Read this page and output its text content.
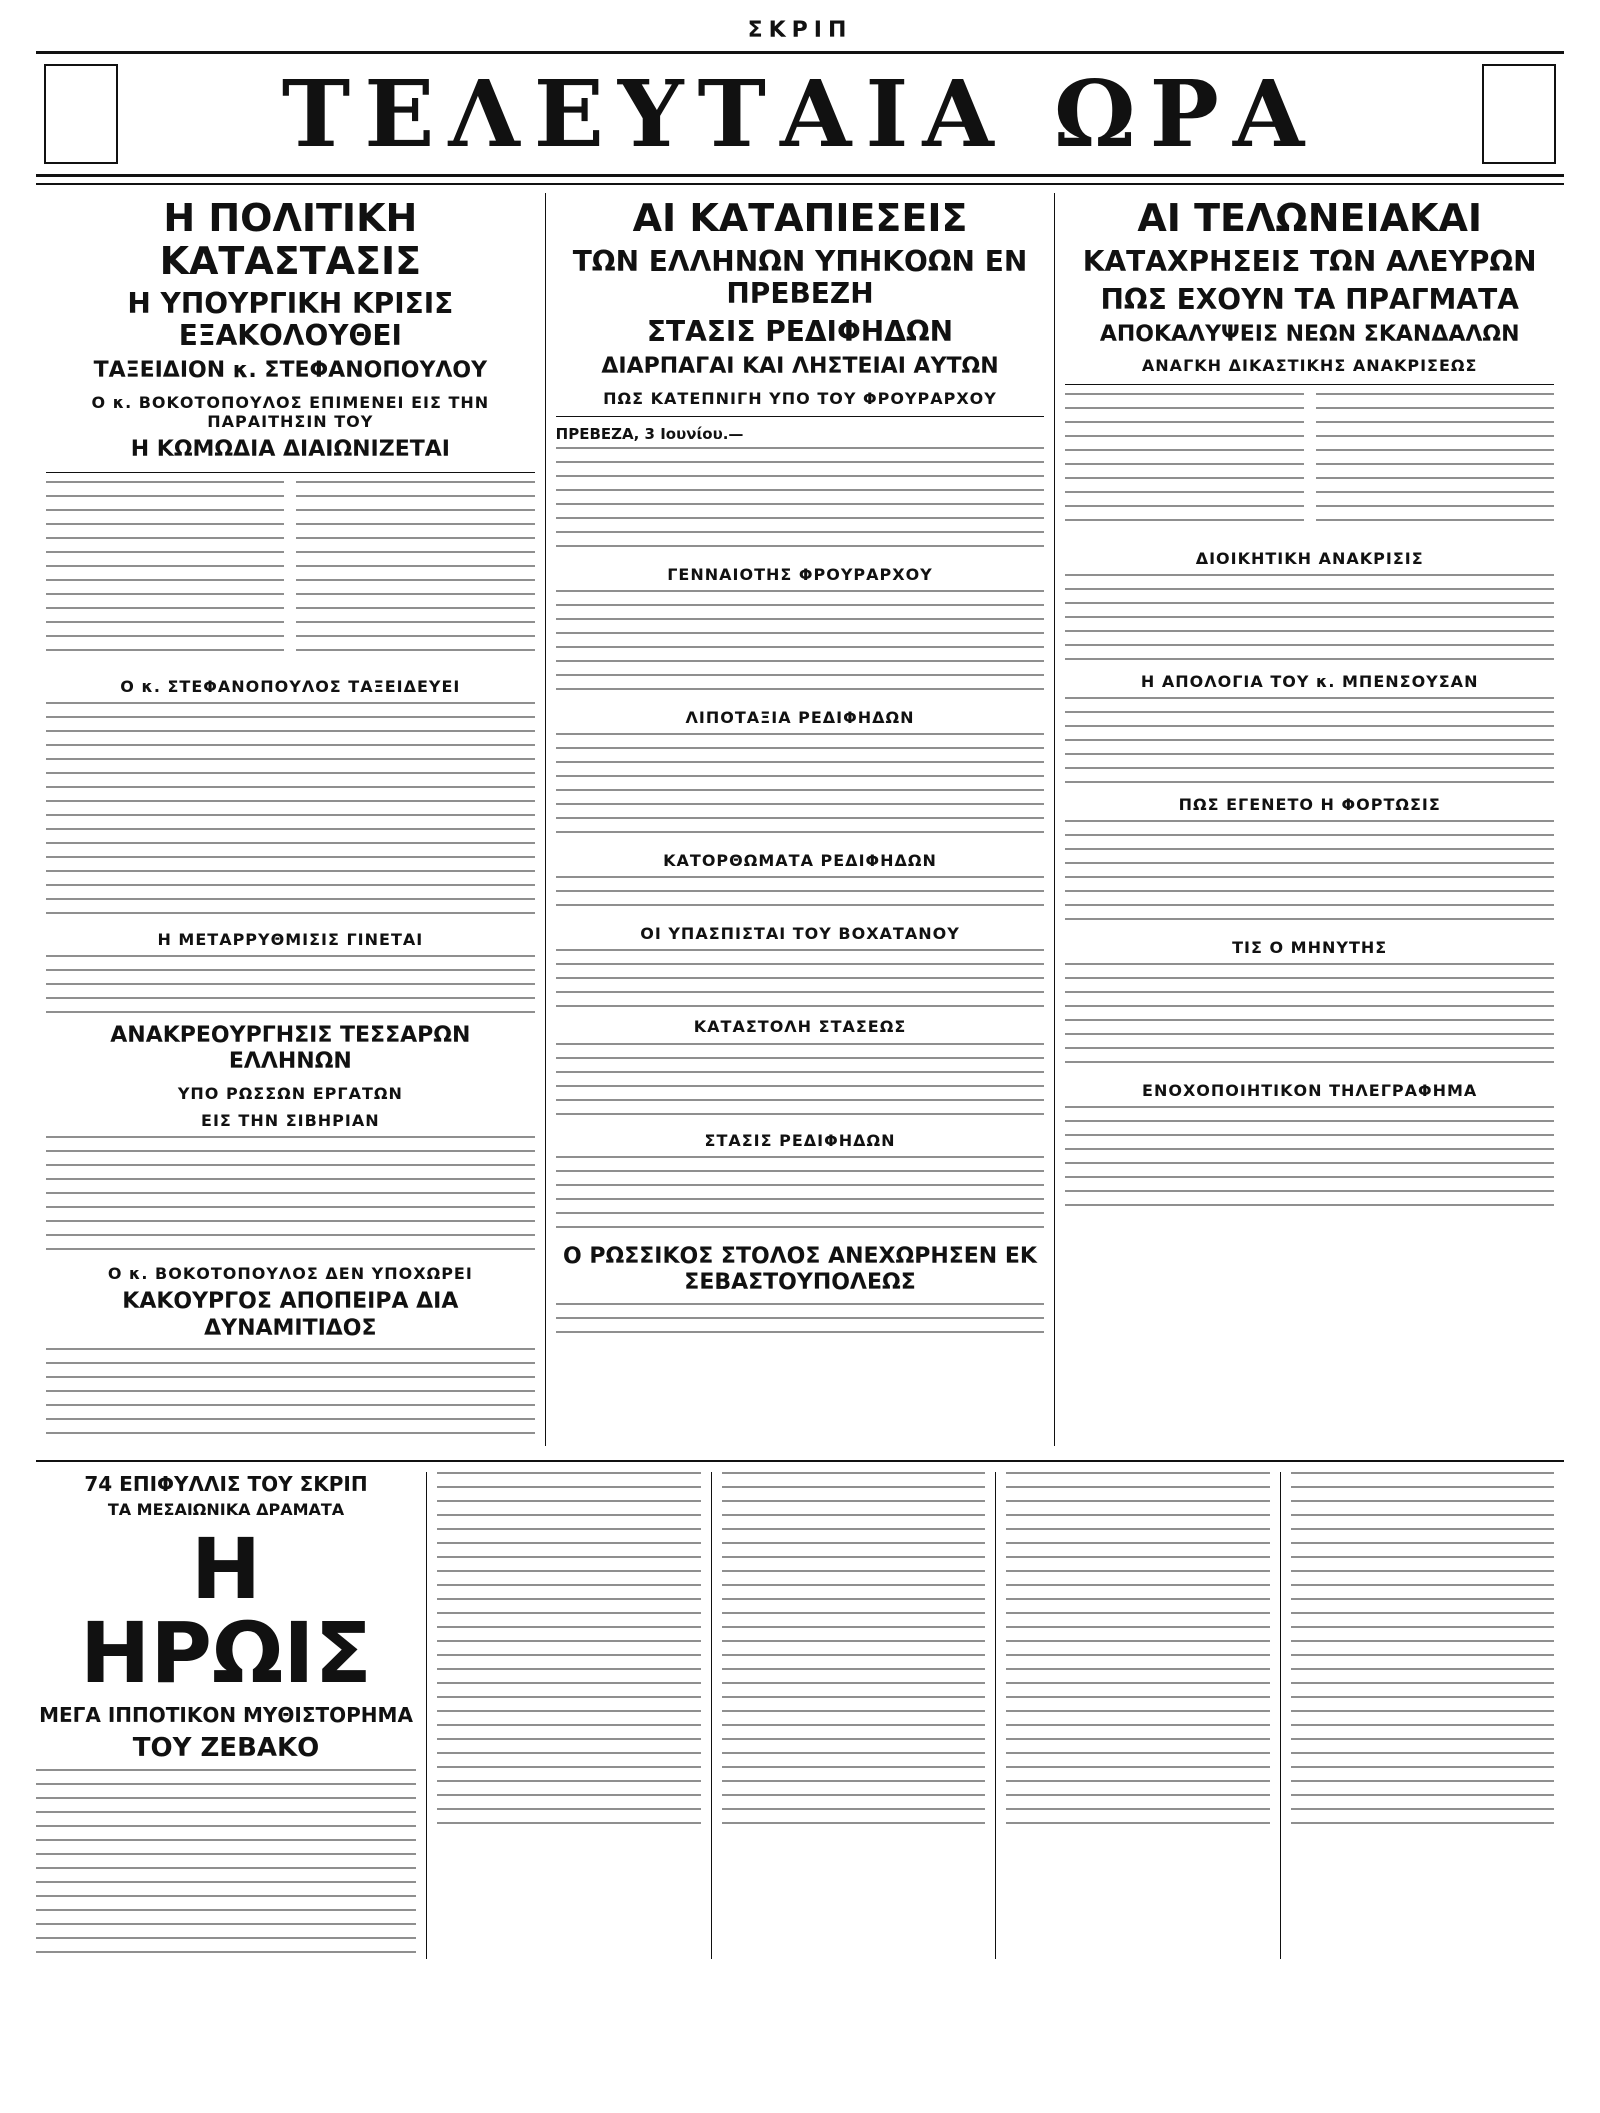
ΣΚΡΙΠ
ΤΕΛΕΥΤΑΙΑ ΩΡΑ
Η ΠΟΛΙΤΙΚΗ ΚΑΤΑΣΤΑΣΙΣ
Η ΥΠΟΥΡΓΙΚΗ ΚΡΙΣΙΣ ΕΞΑΚΟΛΟΥΘΕΙ
ΤΑΞΕΙΔΙΟΝ κ. ΣΤΕΦΑΝΟΠΟΥΛΟΥ
Ο κ. ΒΟΚΟΤΟΠΟΥΛΟΣ ΕΠΙΜΕΝΕΙ ΕΙΣ ΤΗΝ ΠΑΡΑΙΤΗΣΙΝ ΤΟΥ
Η ΚΩΜΩΔΙΑ ΔΙΑΙΩΝΙΖΕΤΑΙ
Ο κ. ΣΤΕΦΑΝΟΠΟΥΛΟΣ ΤΑΞΕΙΔΕΥΕΙ
Η ΜΕΤΑΡΡΥΘΜΙΣΙΣ ΓΙΝΕΤΑΙ
ΑΝΑΚΡΕΟΥΡΓΗΣΙΣ ΤΕΣΣΑΡΩΝ ΕΛΛΗΝΩΝ
ΥΠΟ ΡΩΣΣΩΝ ΕΡΓΑΤΩΝ
ΕΙΣ ΤΗΝ ΣΙΒΗΡΙΑΝ
Ο κ. ΒΟΚΟΤΟΠΟΥΛΟΣ ΔΕΝ ΥΠΟΧΩΡΕΙ
ΚΑΚΟΥΡΓΟΣ ΑΠΟΠΕΙΡΑ ΔΙΑ ΔΥΝΑΜΙΤΙΔΟΣ
ΑΙ ΚΑΤΑΠΙΕΣΕΙΣ
ΤΩΝ ΕΛΛΗΝΩΝ ΥΠΗΚΟΩΝ ΕΝ ΠΡΕΒΕΖΗ
ΣΤΑΣΙΣ ΡΕΔΙΦΗΔΩΝ
ΔΙΑΡΠΑΓΑΙ ΚΑΙ ΛΗΣΤΕΙΑΙ ΑΥΤΩΝ
ΠΩΣ ΚΑΤΕΠΝΙΓΗ ΥΠΟ ΤΟΥ ΦΡΟΥΡΑΡΧΟΥ
ΠΡΕΒΕΖΑ, 3 Ιουνίου.—
ΓΕΝΝΑΙΟΤΗΣ ΦΡΟΥΡΑΡΧΟΥ
ΛΙΠΟΤΑΞΙΑ ΡΕΔΙΦΗΔΩΝ
ΚΑΤΟΡΘΩΜΑΤΑ ΡΕΔΙΦΗΔΩΝ
ΟΙ ΥΠΑΣΠΙΣΤΑΙ ΤΟΥ ΒΟΧΑΤΑΝΟΥ
ΚΑΤΑΣΤΟΛΗ ΣΤΑΣΕΩΣ
ΣΤΑΣΙΣ ΡΕΔΙΦΗΔΩΝ
Ο ΡΩΣΣΙΚΟΣ ΣΤΟΛΟΣ ΑΝΕΧΩΡΗΣΕΝ ΕΚ ΣΕΒΑΣΤΟΥΠΟΛΕΩΣ
ΑΙ ΤΕΛΩΝΕΙΑΚΑΙ
ΚΑΤΑΧΡΗΣΕΙΣ ΤΩΝ ΑΛΕΥΡΩΝ
ΠΩΣ ΕΧΟΥΝ ΤΑ ΠΡΑΓΜΑΤΑ
ΑΠΟΚΑΛΥΨΕΙΣ ΝΕΩΝ ΣΚΑΝΔΑΛΩΝ
ΑΝΑΓΚΗ ΔΙΚΑΣΤΙΚΗΣ ΑΝΑΚΡΙΣΕΩΣ
ΔΙΟΙΚΗΤΙΚΗ ΑΝΑΚΡΙΣΙΣ
Η ΑΠΟΛΟΓΙΑ ΤΟΥ κ. ΜΠΕΝΣΟΥΣΑΝ
ΠΩΣ ΕΓΕΝΕΤΟ Η ΦΟΡΤΩΣΙΣ
ΤΙΣ Ο ΜΗΝΥΤΗΣ
ΕΝΟΧΟΠΟΙΗΤΙΚΟΝ ΤΗΛΕΓΡΑΦΗΜΑ
74 ΕΠΙΦΥΛΛΙΣ ΤΟΥ ΣΚΡΙΠ
ΤΑ ΜΕΣΑΙΩΝΙΚΑ ΔΡΑΜΑΤΑ
Η ΗΡΩΙΣ
ΜΕΓΑ ΙΠΠΟΤΙΚΟΝ ΜΥΘΙΣΤΟΡΗΜΑ
ΤΟΥ ΖΕΒΑΚΟ
